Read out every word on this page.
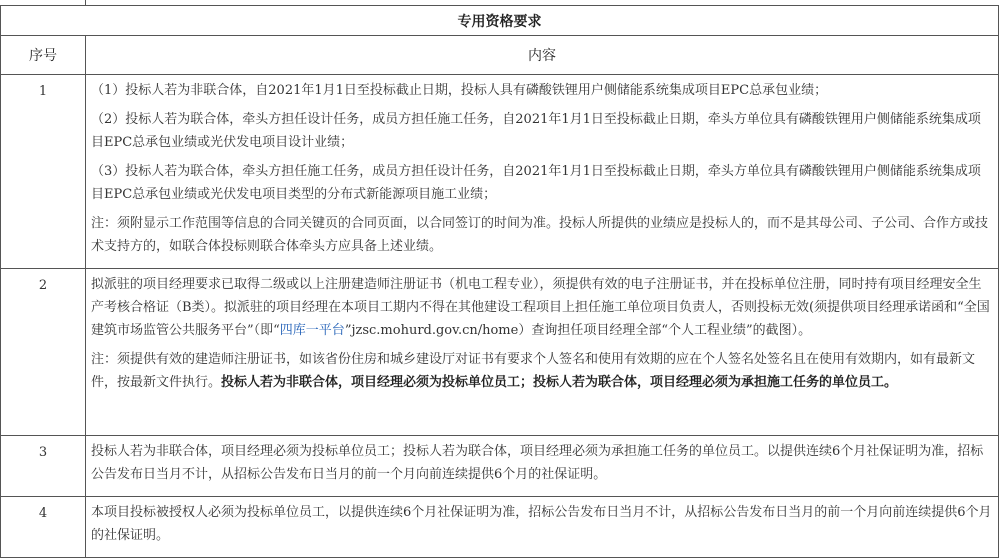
专用资格要求	
序号	内容
1	（1）投标人若为非联合体，自2021年1月1日至投标截止日期，投标人具有磷酸铁锂用户侧储能系统集成项目EPC总承包业绩；

（2）投标人若为联合体，牵头方担任设计任务，成员方担任施工任务，自2021年1月1日至投标截止日期，牵头方单位具有磷酸铁锂用户侧储能系统集成项目EPC总承包业绩或光伏发电项目设计业绩；

（3）投标人若为联合体，牵头方担任施工任务，成员方担任设计任务，自2021年1月1日至投标截止日期，牵头方单位具有磷酸铁锂用户侧储能系统集成项目EPC总承包业绩或光伏发电项目类型的分布式新能源项目施工业绩；

注：须附显示工作范围等信息的合同关键页的合同页面，以合同签订的时间为准。投标人所提供的业绩应是投标人的，而不是其母公司、子公司、合作方或技术支持方的，如联合体投标则联合体牵头方应具备上述业绩。

2	拟派驻的项目经理要求已取得二级或以上注册建造师注册证书（机电工程专业），须提供有效的电子注册证书，并在投标单位注册，同时持有项目经理安全生产考核合格证（B类）。拟派驻的项目经理在本项目工期内不得在其他建设工程项目上担任施工单位项目负责人，否则投标无效(须提供项目经理承诺函和“全国建筑市场监管公共服务平台”（即“四库一平台”jzsc.mohurd.gov.cn/home）查询担任项目经理全部“个人工程业绩”的截图）。

注：须提供有效的建造师注册证书，如该省份住房和城乡建设厅对证书有要求个人签名和使用有效期的应在个人签名处签名且在使用有效期内，如有最新文件，按最新文件执行。投标人若为非联合体，项目经理必须为投标单位员工；投标人若为联合体，项目经理必须为承担施工任务的单位员工。

3	投标人若为非联合体，项目经理必须为投标单位员工；投标人若为联合体，项目经理必须为承担施工任务的单位员工。以提供连续6个月社保证明为准，招标公告发布日当月不计，从招标公告发布日当月的前一个月向前连续提供6个月的社保证明。

4	本项目投标被授权人必须为投标单位员工，以提供连续6个月社保证明为准，招标公告发布日当月不计，从招标公告发布日当月的前一个月向前连续提供6个月的社保证明。
